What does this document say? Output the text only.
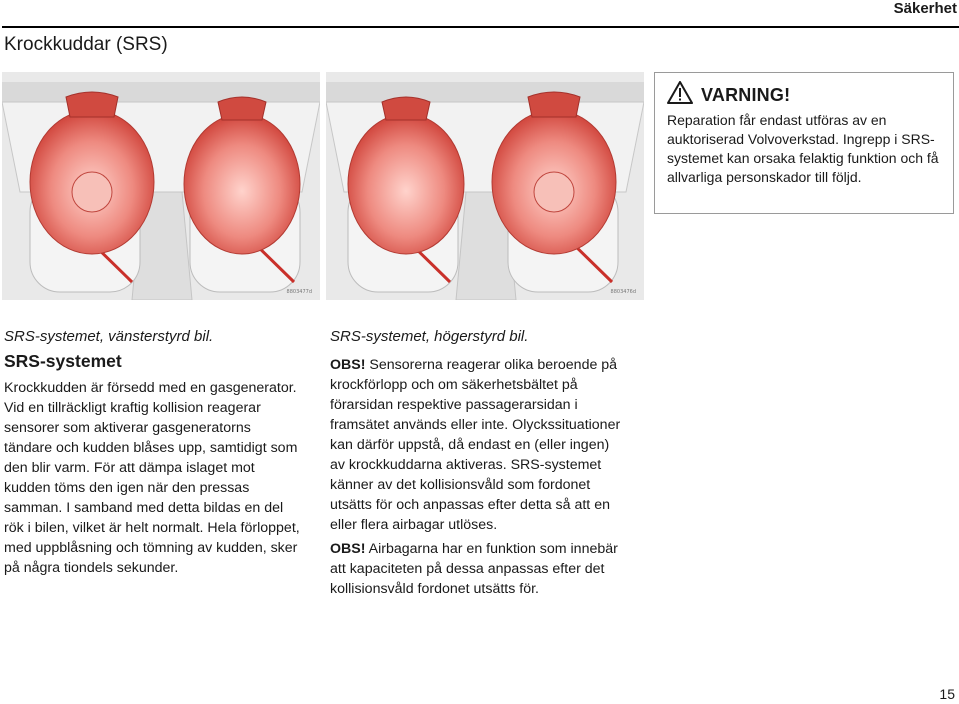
Säkerhet
Krockkuddar (SRS)
8803477d	8803476d
VARNING!

Reparation får endast utföras av en auktoriserad Volvoverkstad. Ingrepp i SRS-systemet kan orsaka felaktig funktion och få allvarliga personskador till följd.

SRS-systemet, vänsterstyrd bil.
SRS-systemet

Krockkudden är försedd med en gasgenerator. Vid en tillräckligt kraftig kollision reagerar sensorer som aktiverar gasgeneratorns tändare och kudden blåses upp, samtidigt som den blir varm. För att dämpa islaget mot kudden töms den igen när den pressas samman. I samband med detta bildas en del rök i bilen, vilket är helt normalt. Hela förloppet, med uppblåsning och tömning av kudden, sker på några tiondels sekunder.

SRS-systemet, högerstyrd bil.

OBS! Sensorerna reagerar olika beroende på krockförlopp och om säkerhetsbältet på förarsidan respektive passagerarsidan i framsätet används eller inte. Olyckssituationer kan därför uppstå, då endast en (eller ingen) av krockkuddarna aktiveras. SRS-systemet känner av det kollisionsvåld som fordonet utsätts för och anpassas efter detta så att en eller flera airbagar utlöses.

OBS! Airbagarna har en funktion som innebär att kapaciteten på dessa anpassas efter det kollisionsvåld fordonet utsätts för.

15
